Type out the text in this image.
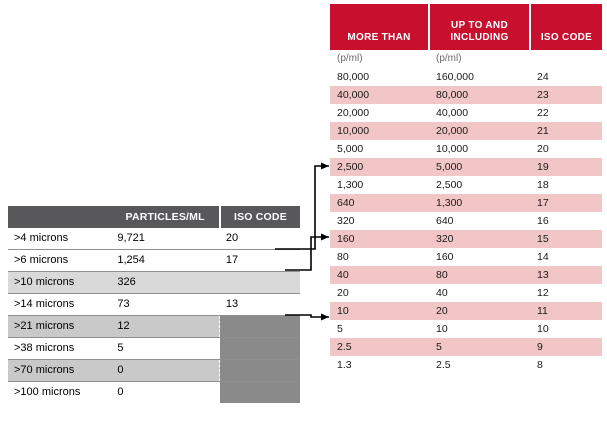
	PARTICLES/ML	ISO CODE

>4 microns	9,721	20

>6 microns	1,254	17

>10 microns	326	

>14 microns	73	13

>21 microns	12	

>38 microns	5	

>70 microns	0	

>100 microns	0	

MORE THAN	UP TO AND INCLUDING	ISO CODE

(p/ml)	(p/ml)	

80,000	160,000	24

40,000	80,000	23

20,000	40,000	22

10,000	20,000	21

5,000	10,000	20

2,500	5,000	19

1,300	2,500	18

640	1,300	17

320	640	16

160	320	15

80	160	14

40	80	13

20	40	12

10	20	11

5	10	10

2.5	5	9

1.3	2.5	8
